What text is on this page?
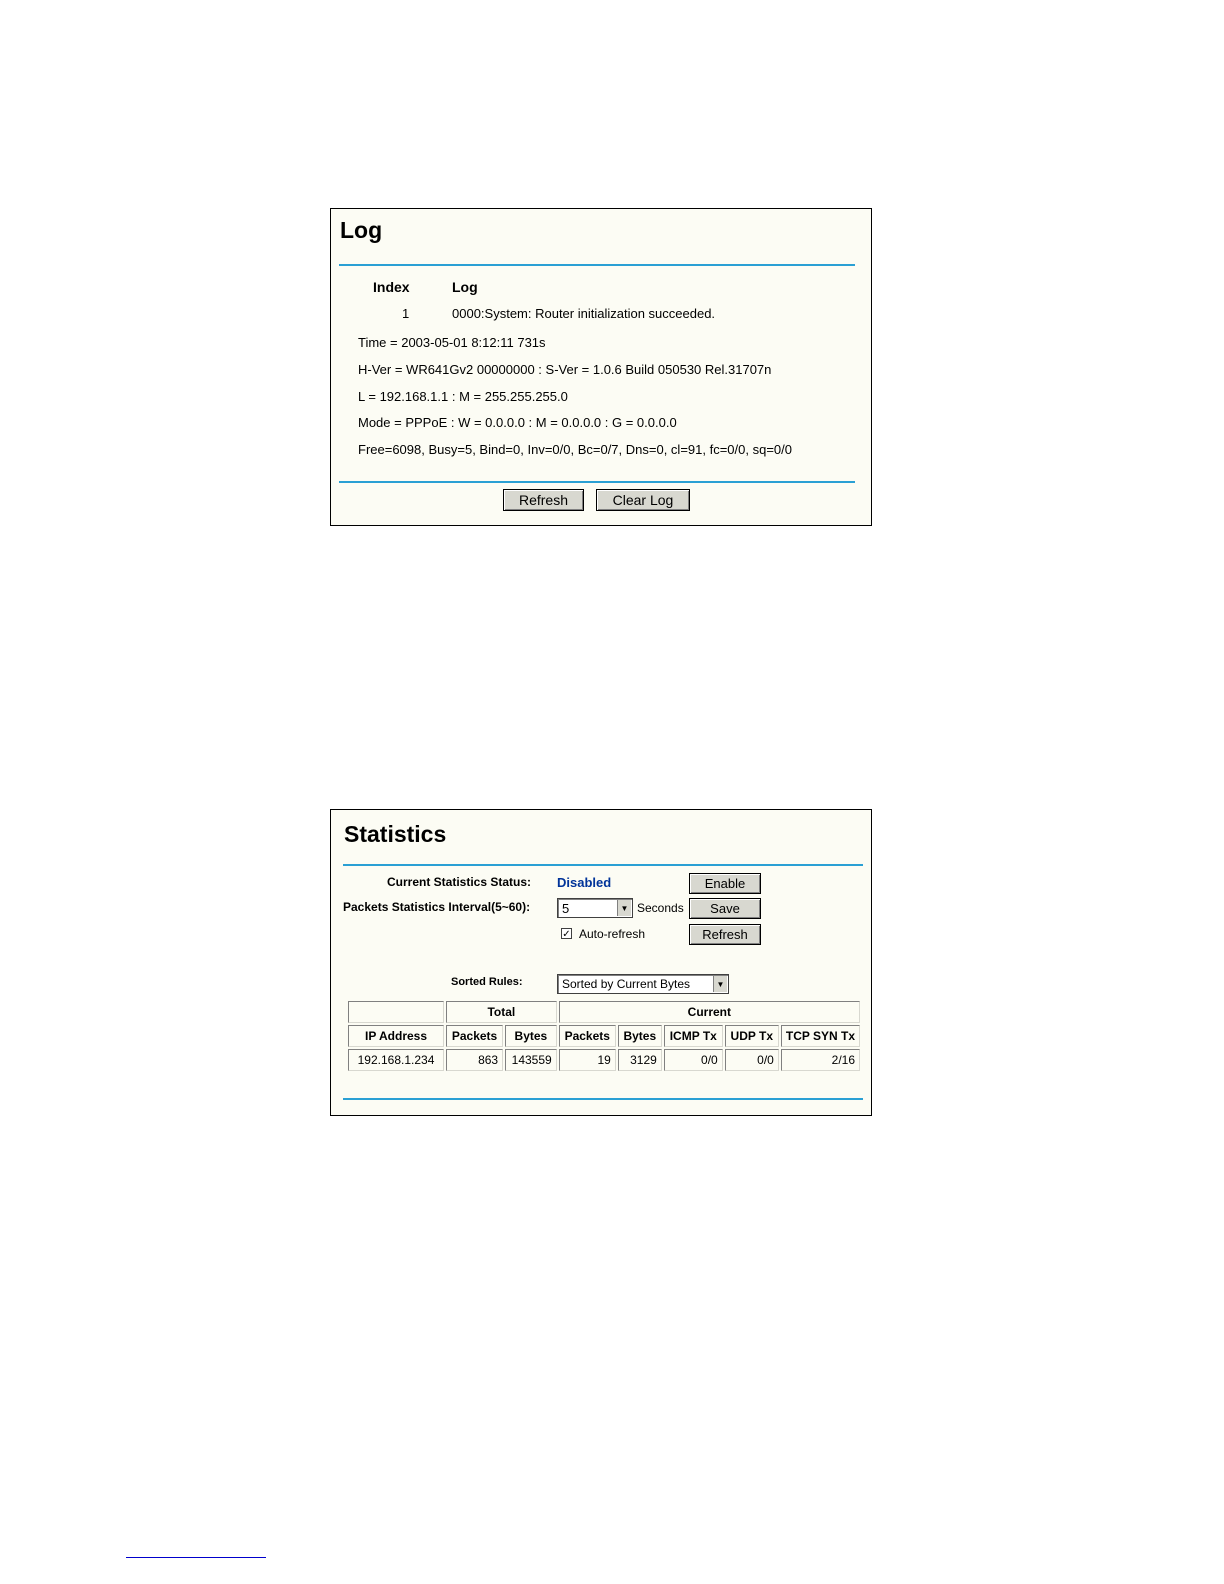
Log
Index	Log
1	0000:System: Router initialization succeeded.
Time = 2003-05-01 8:12:11 731s
H-Ver = WR641Gv2 00000000 : S-Ver = 1.0.6 Build 050530 Rel.31707n
L = 192.168.1.1 : M = 255.255.255.0
Mode = PPPoE : W = 0.0.0.0 : M = 0.0.0.0 : G = 0.0.0.0
Free=6098, Busy=5, Bind=0, Inv=0/0, Bc=0/7, Dns=0, cl=91, fc=0/0, sq=0/0
Refresh	Clear Log
Statistics
Current Statistics Status: Disabled	Enable
Packets Statistics Interval(5~60):	5	▼ Seconds	Save
✓ Auto-refresh	Refresh
Sorted Rules:	Sorted by Current Bytes	▼
	Total		Current				
IP Address	Packets	Bytes	Packets	Bytes	ICMP Tx	UDP Tx	TCP SYN Tx
192.168.1.234	863	143559	19	3129	0/0	0/0	2/16
